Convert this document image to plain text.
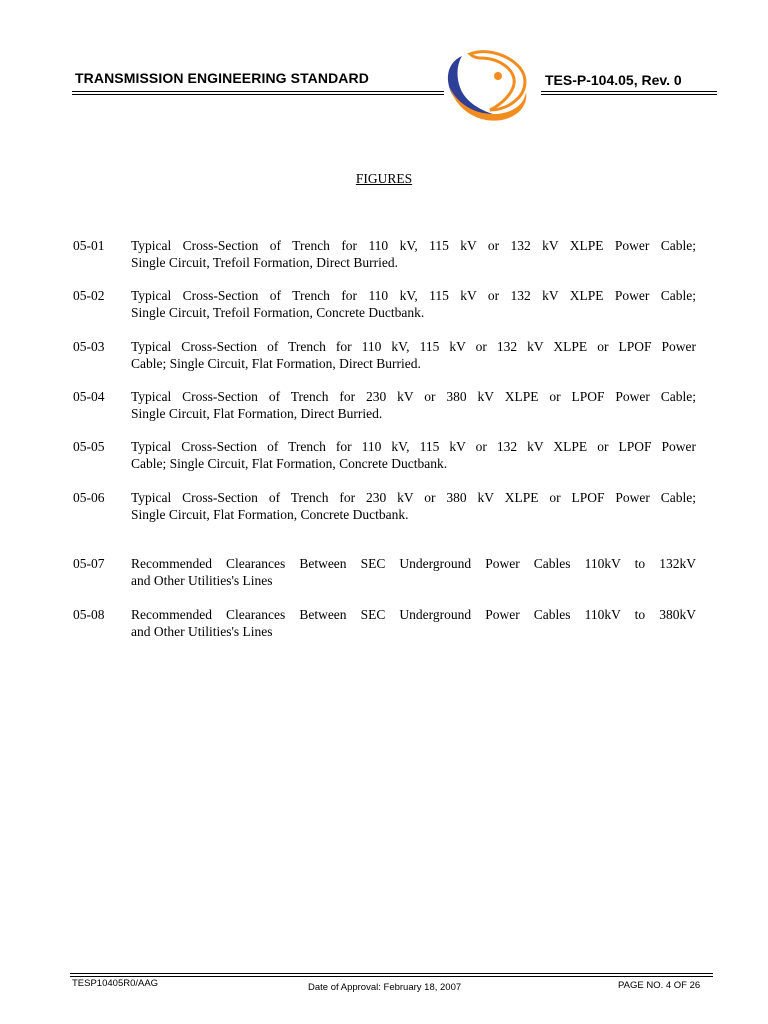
TRANSMISSION ENGINEERING STANDARD	TES-P-104.05, Rev. 0
FIGURES
05-01 Typical Cross-Section of Trench for 110 kV, 115 kV or 132 kV XLPE Power Cable;
Single Circuit, Trefoil Formation, Direct Burried.
05-02 Typical Cross-Section of Trench for 110 kV, 115 kV or 132 kV XLPE Power Cable;
Single Circuit, Trefoil Formation, Concrete Ductbank.
05-03 Typical Cross-Section of Trench for 110 kV, 115 kV or 132 kV XLPE or LPOF Power
Cable; Single Circuit, Flat Formation, Direct Burried.
05-04 Typical Cross-Section of Trench for 230 kV or 380 kV XLPE or LPOF Power Cable;
Single Circuit, Flat Formation, Direct Burried.
05-05 Typical Cross-Section of Trench for 110 kV, 115 kV or 132 kV XLPE or LPOF Power
Cable; Single Circuit, Flat Formation, Concrete Ductbank.
05-06 Typical Cross-Section of Trench for 230 kV or 380 kV XLPE or LPOF Power Cable;
Single Circuit, Flat Formation, Concrete Ductbank.
05-07 Recommended Clearances Between SEC Underground Power Cables 110kV to 132kV
and Other Utilities's Lines
05-08 Recommended Clearances Between SEC Underground Power Cables 110kV to 380kV
and Other Utilities's Lines
TESP10405R0/AAG	Date of Approval: February 18, 2007	PAGE NO. 4 OF 26
